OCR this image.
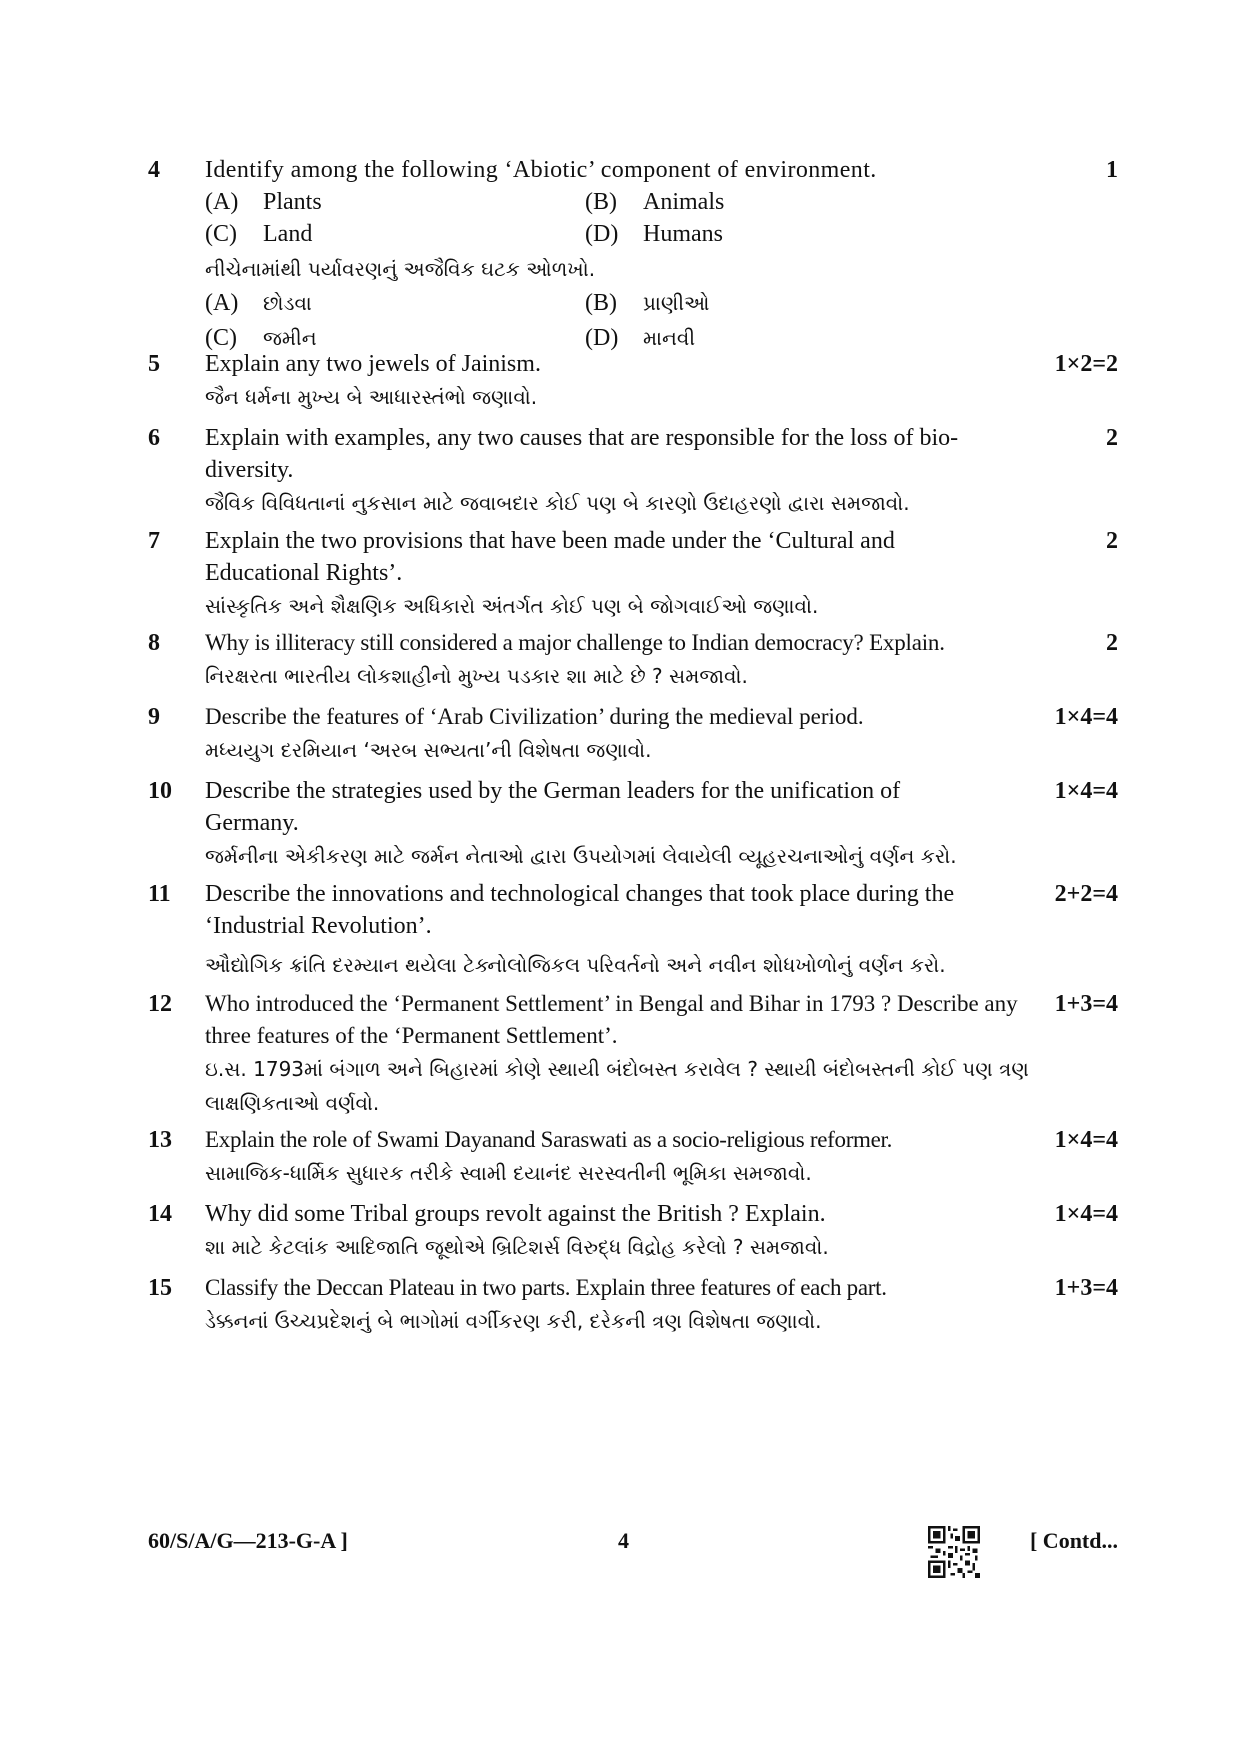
4	1
Identify among the following ‘Abiotic’ component of environment.
(A) Plants	(B) Animals
(C) Land	(D) Humans
નીચેનામાંથી પર્યાવરણનું અજૈવિક ઘટક ઓળખો.
(A) છોડવા	(B) પ્રાણીઓ
(C) જમીન	(D) માનવી
5	1×2=2
Explain any two jewels of Jainism.
જૈન ધર્મના મુખ્ય બે આધારસ્તંભો જણાવો.
6	2
Explain with examples, any two causes that are responsible for the loss of bio-diversity.
જૈવિક વિવિધતાનાં નુકસાન માટે જવાબદાર કોઈ પણ બે કારણો ઉદાહરણો દ્વારા સમજાવો.
7	2
Explain the two provisions that have been made under the ‘Cultural and Educational Rights’.
સાંસ્કૃતિક અને શૈક્ષણિક અધિકારો અંતર્ગત કોઈ પણ બે જોગવાઈઓ જણાવો.
8	2
Why is illiteracy still considered a major challenge to Indian democracy? Explain.
નિરક્ષરતા ભારતીય લોકશાહીનો મુખ્ય પડકાર શા માટે છે ? સમજાવો.
9	1×4=4
Describe the features of ‘Arab Civilization’ during the medieval period.
મધ્યયુગ દરમિયાન ‘અરબ સભ્યતા’ની વિશેષતા જણાવો.
10	1×4=4
Describe the strategies used by the German leaders for the unification of Germany.
જર્મનીના એકીકરણ માટે જર્મન નેતાઓ દ્વારા ઉપયોગમાં લેવાયેલી વ્યૂહરચનાઓનું વર્ણન કરો.
11	2+2=4
Describe the innovations and technological changes that took place during the ‘Industrial Revolution’.
ઔદ્યોગિક ક્રાંતિ દરમ્યાન થયેલા ટેક્નોલોજિકલ પરિવર્તનો અને નવીન શોધખોળોનું વર્ણન કરો.
12	1+3=4
Who introduced the ‘Permanent Settlement’ in Bengal and Bihar in 1793 ? Describe any three features of the ‘Permanent Settlement’.
ઇ.સ. 1793માં બંગાળ અને બિહારમાં કોણે સ્થાયી બંદોબસ્ત કરાવેલ ? સ્થાયી બંદોબસ્તની કોઈ પણ ત્રણ લાક્ષણિકતાઓ વર્ણવો.
13	1×4=4
Explain the role of Swami Dayanand Saraswati as a socio-religious reformer.
સામાજિક-ધાર્મિક સુધારક તરીકે સ્વામી દયાનંદ સરસ્વતીની ભૂમિકા સમજાવો.
14	1×4=4
Why did some Tribal groups revolt against the British ? Explain.
શા માટે કેટલાંક આદિજાતિ જૂથોએ બ્રિટિશર્સ વિરુદ્ધ વિદ્રોહ કરેલો ? સમજાવો.
15	1+3=4
Classify the Deccan Plateau in two parts. Explain three features of each part.
ડેક્કનનાં ઉચ્ચપ્રદેશનું બે ભાગોમાં વર્ગીકરણ કરી, દરેકની ત્રણ વિશેષતા જણાવો.
60/S/A/G—213-G-A ]	4	[ Contd...
